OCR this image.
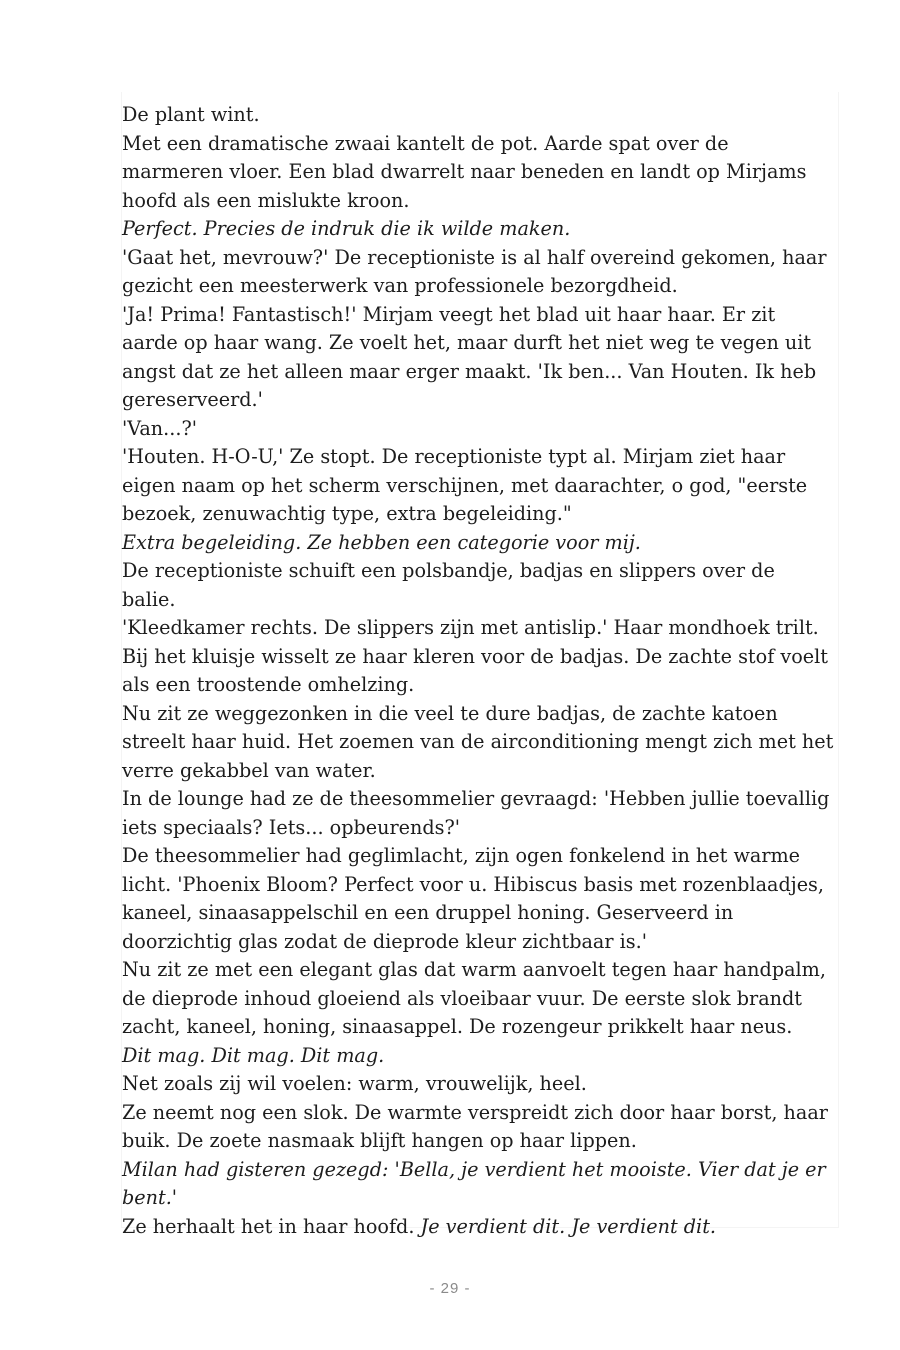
De plant wint.

Met een dramatische zwaai kantelt de pot. Aarde spat over de marmeren vloer. Een blad dwarrelt naar beneden en landt op Mirjams hoofd als een mislukte kroon.

Perfect. Precies de indruk die ik wilde maken.

'Gaat het, mevrouw?' De receptioniste is al half overeind gekomen, haar gezicht een meesterwerk van professionele bezorgdheid.

'Ja! Prima! Fantastisch!' Mirjam veegt het blad uit haar haar. Er zit aarde op haar wang. Ze voelt het, maar durft het niet weg te vegen uit angst dat ze het alleen maar erger maakt. 'Ik ben... Van Houten. Ik heb gereserveerd.'

'Van...?'

'Houten. H-O-U,' Ze stopt. De receptioniste typt al. Mirjam ziet haar eigen naam op het scherm verschijnen, met daarachter, o god, "eerste bezoek, zenuwachtig type, extra begeleiding."

Extra begeleiding. Ze hebben een categorie voor mij.

De receptioniste schuift een polsbandje, badjas en slippers over de balie.

'Kleedkamer rechts. De slippers zijn met antislip.' Haar mondhoek trilt.

Bij het kluisje wisselt ze haar kleren voor de badjas. De zachte stof voelt als een troostende omhelzing.

Nu zit ze weggezonken in die veel te dure badjas, de zachte katoen streelt haar huid. Het zoemen van de airconditioning mengt zich met het verre gekabbel van water.

In de lounge had ze de theesommelier gevraagd: 'Hebben jullie toevallig iets speciaals? Iets... opbeurends?'

De theesommelier had geglimlacht, zijn ogen fonkelend in het warme licht. 'Phoenix Bloom? Perfect voor u. Hibiscus basis met rozenblaadjes, kaneel, sinaasappelschil en een druppel honing. Geserveerd in doorzichtig glas zodat de dieprode kleur zichtbaar is.'

Nu zit ze met een elegant glas dat warm aanvoelt tegen haar handpalm, de dieprode inhoud gloeiend als vloeibaar vuur. De eerste slok brandt zacht, kaneel, honing, sinaasappel. De rozengeur prikkelt haar neus.

Dit mag. Dit mag. Dit mag.

Net zoals zij wil voelen: warm, vrouwelijk, heel.

Ze neemt nog een slok. De warmte verspreidt zich door haar borst, haar buik. De zoete nasmaak blijft hangen op haar lippen.

Milan had gisteren gezegd: 'Bella, je verdient het mooiste. Vier dat je er bent.'

Ze herhaalt het in haar hoofd. Je verdient dit. Je verdient dit.

- 29 -
